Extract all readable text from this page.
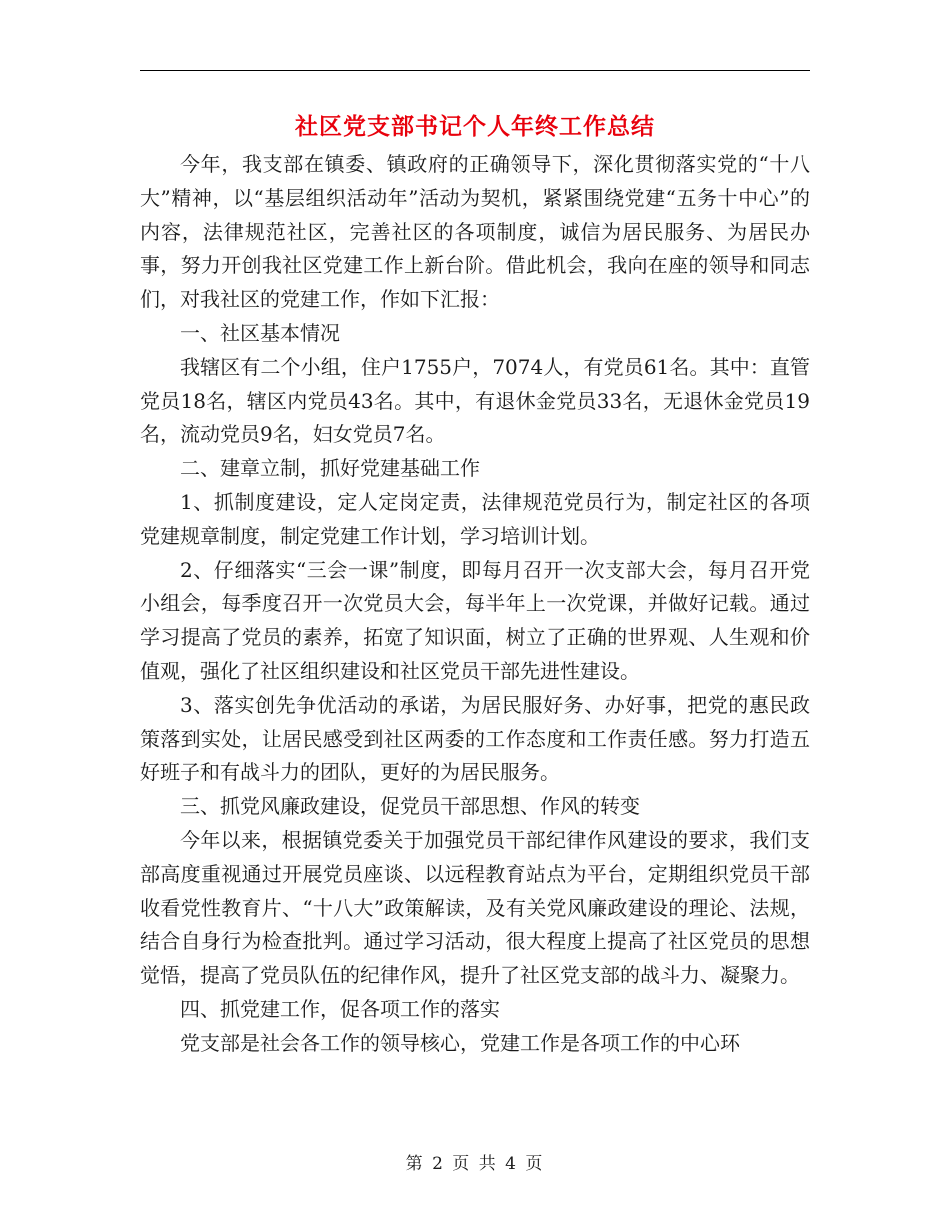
社区党支部书记个人年终工作总结

今年，我支部在镇委、镇政府的正确领导下，深化贯彻落实党的“十八大”精神，以“基层组织活动年”活动为契机，紧紧围绕党建“五务十中心”的内容，法律规范社区，完善社区的各项制度，诚信为居民服务、为居民办事，努力开创我社区党建工作上新台阶。借此机会，我向在座的领导和同志们，对我社区的党建工作，作如下汇报：

一、社区基本情况

我辖区有二个小组，住户1755户，7074人，有党员61名。其中：直管党员18名，辖区内党员43名。其中，有退休金党员33名，无退休金党员19名，流动党员9名，妇女党员7名。

二、建章立制，抓好党建基础工作

1、抓制度建设，定人定岗定责，法律规范党员行为，制定社区的各项党建规章制度，制定党建工作计划，学习培训计划。

2、仔细落实“三会一课”制度，即每月召开一次支部大会，每月召开党小组会，每季度召开一次党员大会，每半年上一次党课，并做好记载。通过学习提高了党员的素养，拓宽了知识面，树立了正确的世界观、人生观和价值观，强化了社区组织建设和社区党员干部先进性建设。

3、落实创先争优活动的承诺，为居民服好务、办好事，把党的惠民政策落到实处，让居民感受到社区两委的工作态度和工作责任感。努力打造五好班子和有战斗力的团队，更好的为居民服务。

三、抓党风廉政建设，促党员干部思想、作风的转变

今年以来，根据镇党委关于加强党员干部纪律作风建设的要求，我们支部高度重视通过开展党员座谈、以远程教育站点为平台，定期组织党员干部收看党性教育片、“十八大”政策解读，及有关党风廉政建设的理论、法规，结合自身行为检查批判。通过学习活动，很大程度上提高了社区党员的思想觉悟，提高了党员队伍的纪律作风，提升了社区党支部的战斗力、凝聚力。

四、抓党建工作，促各项工作的落实

党支部是社会各工作的领导核心，党建工作是各项工作的中心环

第 2 页 共 4 页
